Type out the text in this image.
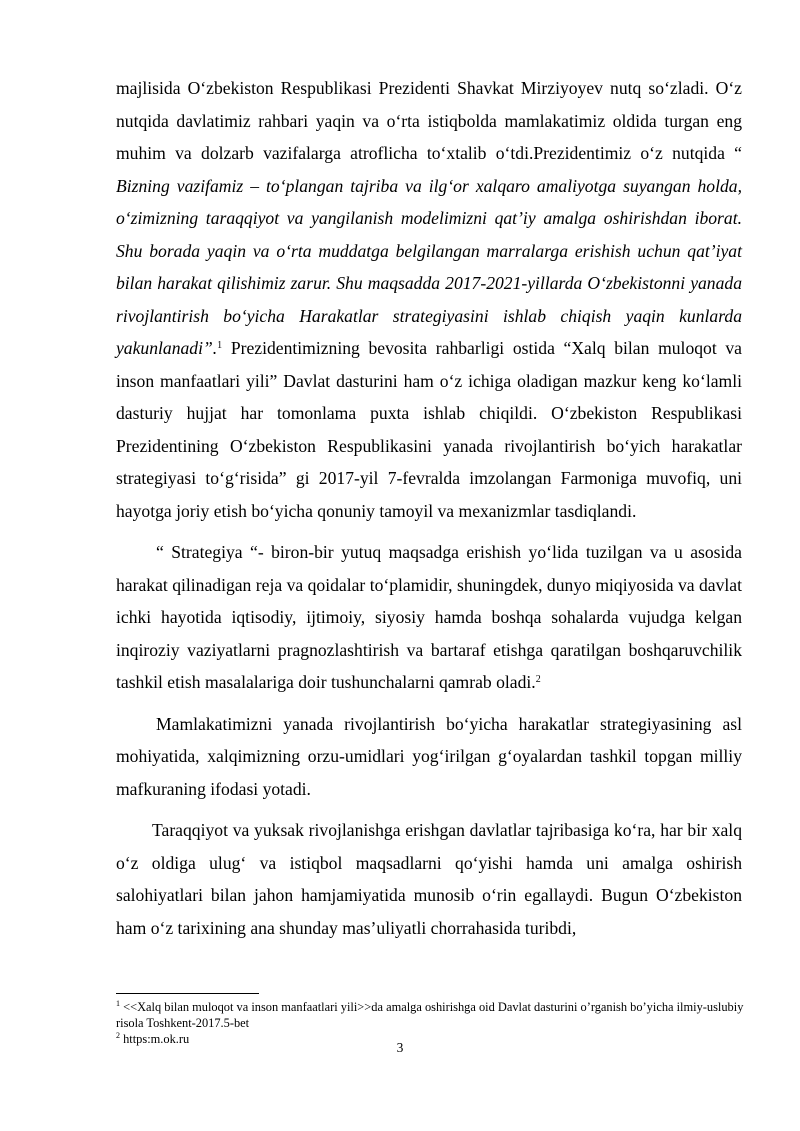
majlisida O‘zbekiston Respublikasi Prezidenti Shavkat Mirziyoyev nutq so‘zladi. O‘z nutqida davlatimiz rahbari yaqin va o‘rta istiqbolda mamlakatimiz oldida turgan eng muhim va dolzarb vazifalarga atroflicha to‘xtalib o‘tdi.Prezidentimiz o‘z nutqida “ Bizning vazifamiz – to‘plangan tajriba va ilg‘or xalqaro amaliyotga suyangan holda, o‘zimizning taraqqiyot va yangilanish modelimizni qat’iy amalga oshirishdan iborat. Shu borada yaqin va o‘rta muddatga belgilangan marralarga erishish uchun qat’iyat bilan harakat qilishimiz zarur. Shu maqsadda 2017-2021-yillarda O‘zbekistonni yanada rivojlantirish bo‘yicha Harakatlar strategiyasini ishlab chiqish yaqin kunlarda yakunlanadi”.$^1$ Prezidentimizning bevosita rahbarligi ostida “Xalq bilan muloqot va inson manfaatlari yili” Davlat dasturini ham o‘z ichiga oladigan mazkur keng ko‘lamli dasturiy hujjat har tomonlama puxta ishlab chiqildi. O‘zbekiston Respublikasi Prezidentining O‘zbekiston Respublikasini yanada rivojlantirish bo‘yich harakatlar strategiyasi to‘g‘risida” gi 2017-yil 7-fevralda imzolangan Farmoniga muvofiq, uni hayotga joriy etish bo‘yicha qonuniy tamoyil va mexanizmlar tasdiqlandi.

“ Strategiya “- biron-bir yutuq maqsadga erishish yo‘lida tuzilgan va u asosida harakat qilinadigan reja va qoidalar to‘plamidir, shuningdek, dunyo miqiyosida va davlat ichki hayotida iqtisodiy, ijtimoiy, siyosiy hamda boshqa sohalarda vujudga kelgan inqiroziy vaziyatlarni pragnozlashtirish va bartaraf etishga qaratilgan boshqaruvchilik tashkil etish masalalariga doir tushunchalarni qamrab oladi.$^2$

Mamlakatimizni yanada rivojlantirish bo‘yicha harakatlar strategiyasining asl mohiyatida, xalqimizning orzu-umidlari yog‘irilgan g‘oyalardan tashkil topgan milliy mafkuraning ifodasi yotadi.

Taraqqiyot va yuksak rivojlanishga erishgan davlatlar tajribasiga ko‘ra, har bir xalq o‘z oldiga ulug‘ va istiqbol maqsadlarni qo‘yishi hamda uni amalga oshirish salohiyatlari bilan jahon hamjamiyatida munosib o‘rin egallaydi. Bugun O‘zbekiston ham o‘z tarixining ana shunday mas’uliyatli chorrahasida turibdi,

$^1$ <<Xalq bilan muloqot va inson manfaatlari yili>>da amalga oshirishga oid Davlat dasturini o’rganish bo’yicha ilmiy-uslubiy risola Toshkent-2017.5-bet

$^2$ https:m.ok.ru

3
